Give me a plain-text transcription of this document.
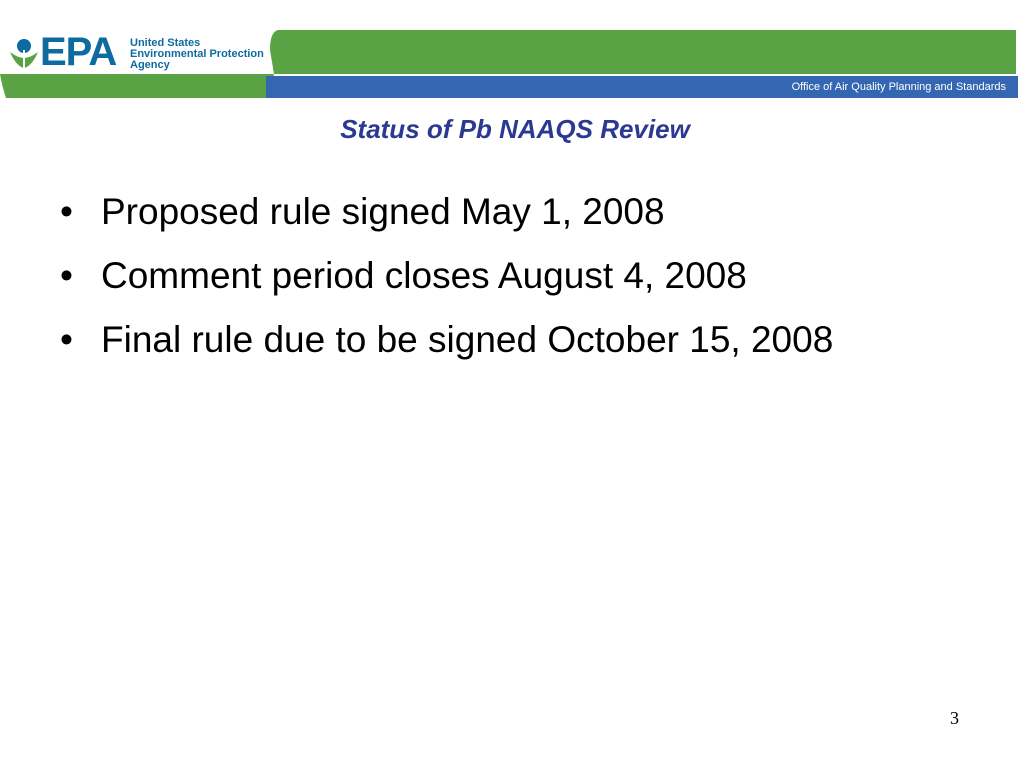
EPA United States
Environmental Protection
Agency
Office of Air Quality Planning and Standards
Status of Pb NAAQS Review
• Proposed rule signed May 1, 2008
• Comment period closes August 4, 2008
• Final rule due to be signed October 15, 2008
3
